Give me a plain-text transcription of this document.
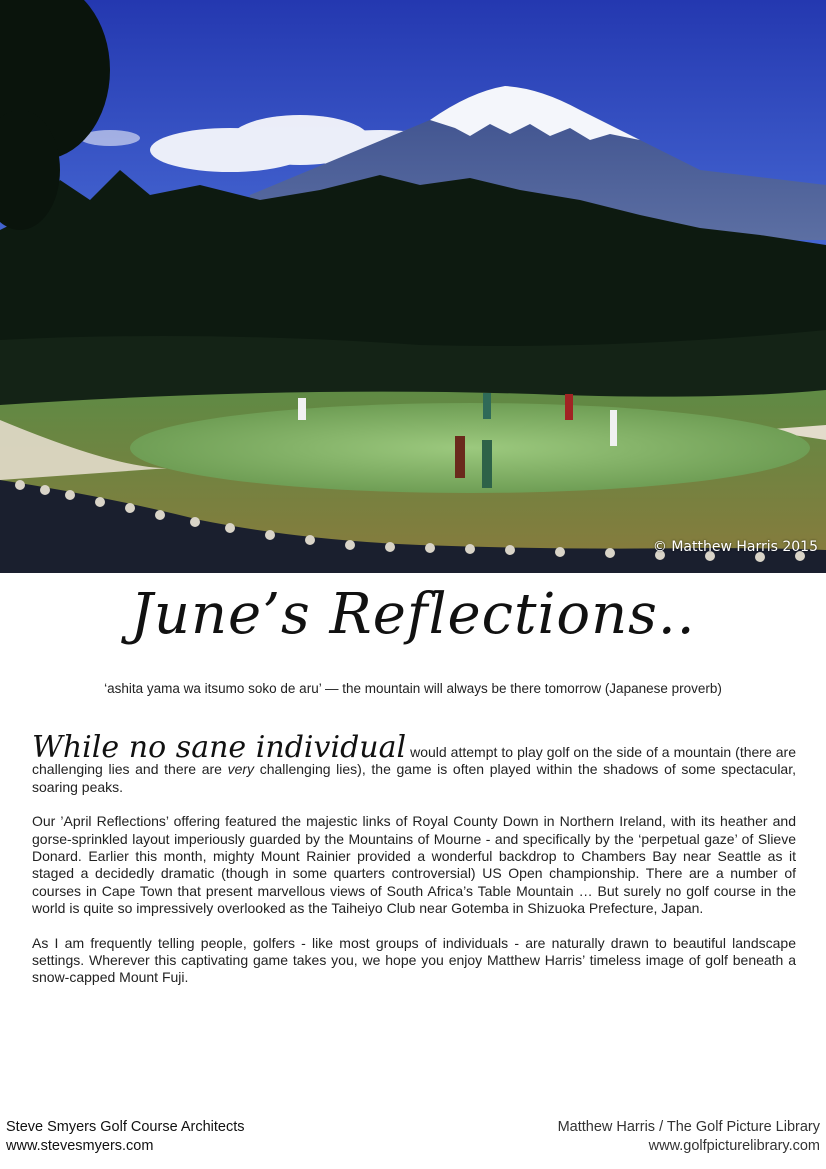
© Matthew Harris 2015
June’s Reflections..
‘ashita yama wa itsumo soko de aru’ — the mountain will always be there tomorrow (Japanese proverb)

While no sane individual would attempt to play golf on the side of a mountain (there are challenging lies and there are very challenging lies), the game is often played within the shadows of some spectacular, soaring peaks.

Our ’April Reflections’ offering featured the majestic links of Royal County Down in Northern Ireland, with its heather and gorse-sprinkled layout imperiously guarded by the Mountains of Mourne - and specifically by the ‘perpetual gaze’ of Slieve Donard. Earlier this month, mighty Mount Rainier provided a wonderful backdrop to Chambers Bay near Seattle as it staged a decidedly dramatic (though in some quarters controversial) US Open championship. There are a number of courses in Cape Town that present marvellous views of South Africa’s Table Mountain … But surely no golf course in the world is quite so impressively overlooked as the Taiheiyo Club near Gotemba in Shizuoka Prefecture, Japan.

As I am frequently telling people, golfers - like most groups of individuals - are naturally drawn to beautiful landscape settings. Wherever this captivating game takes you, we hope you enjoy Matthew Harris’ timeless image of golf beneath a snow-capped Mount Fuji.

Steve Smyers Golf Course Architects
www.stevesmyers.com
Matthew Harris / The Golf Picture Library
www.golfpicturelibrary.com
